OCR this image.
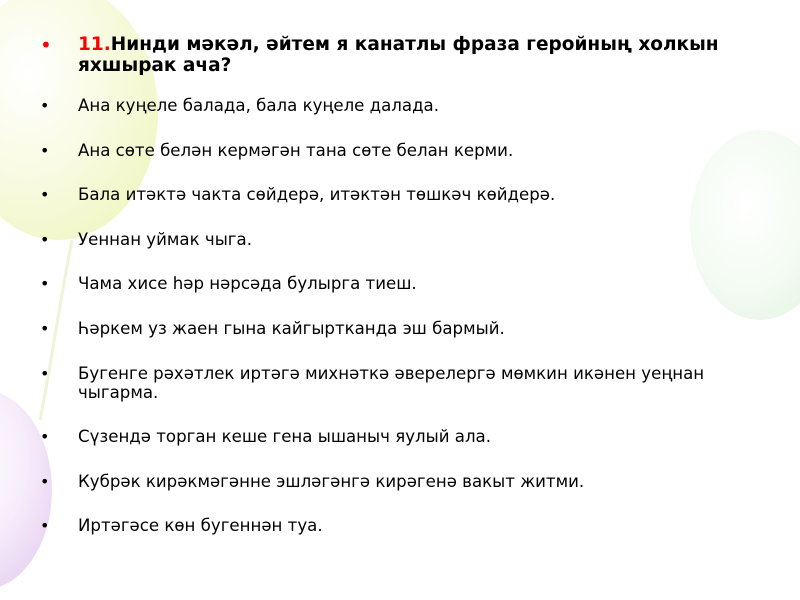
•	11.Нинди мәкәл, әйтем я канатлы фраза геройның холкын яхшырак ача?
•	Ана куңеле балада, бала куңеле далада.
•	Ана сөте белән кермәгән тана сөте белан керми.
•	Бала итәктә чакта сөйдерә, итәктән төшкәч көйдерә.
•	Уеннан уймак чыга.
•	Чама хисе һәр нәрсәда булырга тиеш.
•	Һәркем уз жаен гына кайгыртканда эш бармый.
•	Бугенге рәхәтлек иртәгә михнәткә әверелергә мөмкин икәнен уеңнан чыгарма.
•	Сүзендә торган кеше гена ышаныч яулый ала.
•	Кубрәк кирәкмәгәнне эшләгәнгә кирәгенә вакыт житми.
•	Иртәгәсе көн бугеннән туа.
